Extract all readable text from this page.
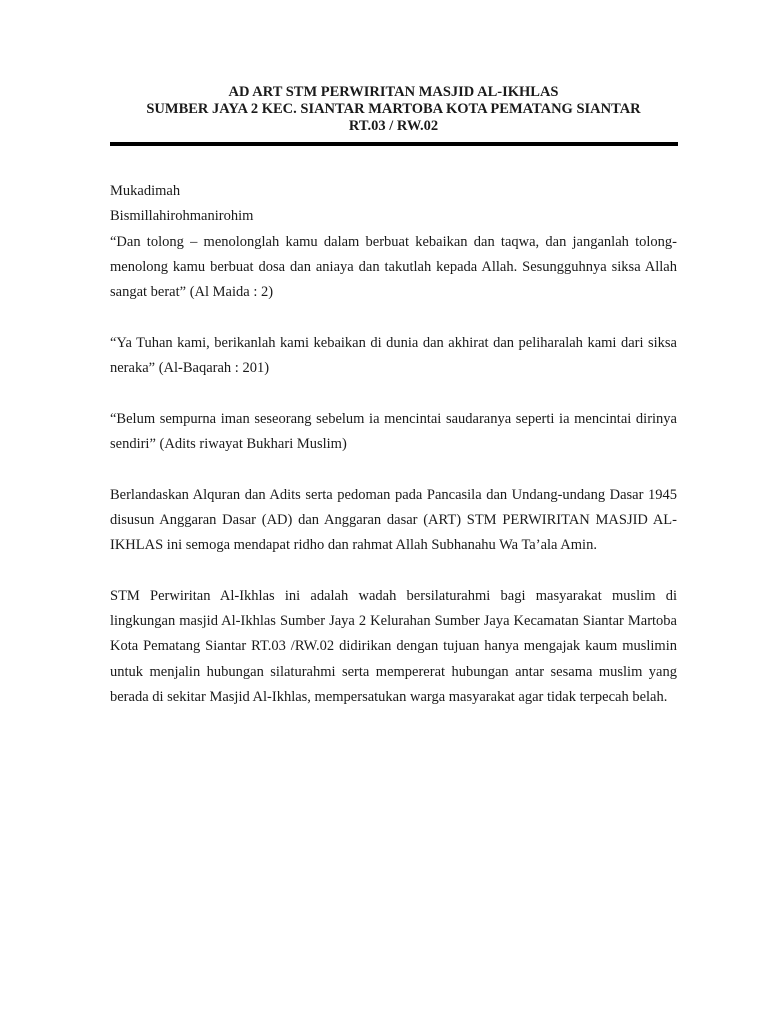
AD ART STM PERWIRITAN MASJID AL-IKHLAS
SUMBER JAYA 2 KEC. SIANTAR MARTOBA KOTA PEMATANG SIANTAR
RT.03 / RW.02
Mukadimah
Bismillahirohmanirohim
“Dan tolong – menolonglah kamu dalam berbuat kebaikan dan taqwa, dan janganlah tolong-menolong kamu berbuat dosa dan aniaya dan takutlah kepada Allah. Sesungguhnya siksa Allah sangat berat” (Al Maida : 2)
“Ya Tuhan kami, berikanlah kami kebaikan di dunia dan akhirat dan peliharalah kami dari siksa neraka” (Al-Baqarah : 201)
“Belum sempurna iman seseorang sebelum ia mencintai saudaranya seperti ia mencintai dirinya sendiri” (Adits riwayat Bukhari Muslim)
Berlandaskan Alquran dan Adits serta pedoman pada Pancasila dan Undang-undang Dasar 1945 disusun Anggaran Dasar (AD) dan Anggaran dasar (ART) STM PERWIRITAN MASJID AL-IKHLAS ini semoga mendapat ridho dan rahmat Allah Subhanahu Wa Ta’ala Amin.
STM Perwiritan Al-Ikhlas ini adalah wadah bersilaturahmi bagi masyarakat muslim di lingkungan masjid Al-Ikhlas Sumber Jaya 2 Kelurahan Sumber Jaya Kecamatan Siantar Martoba Kota Pematang Siantar RT.03 /RW.02 didirikan dengan tujuan hanya mengajak kaum muslimin untuk menjalin hubungan silaturahmi serta mempererat hubungan antar sesama muslim yang berada di sekitar Masjid Al-Ikhlas, mempersatukan warga masyarakat agar tidak terpecah belah.
